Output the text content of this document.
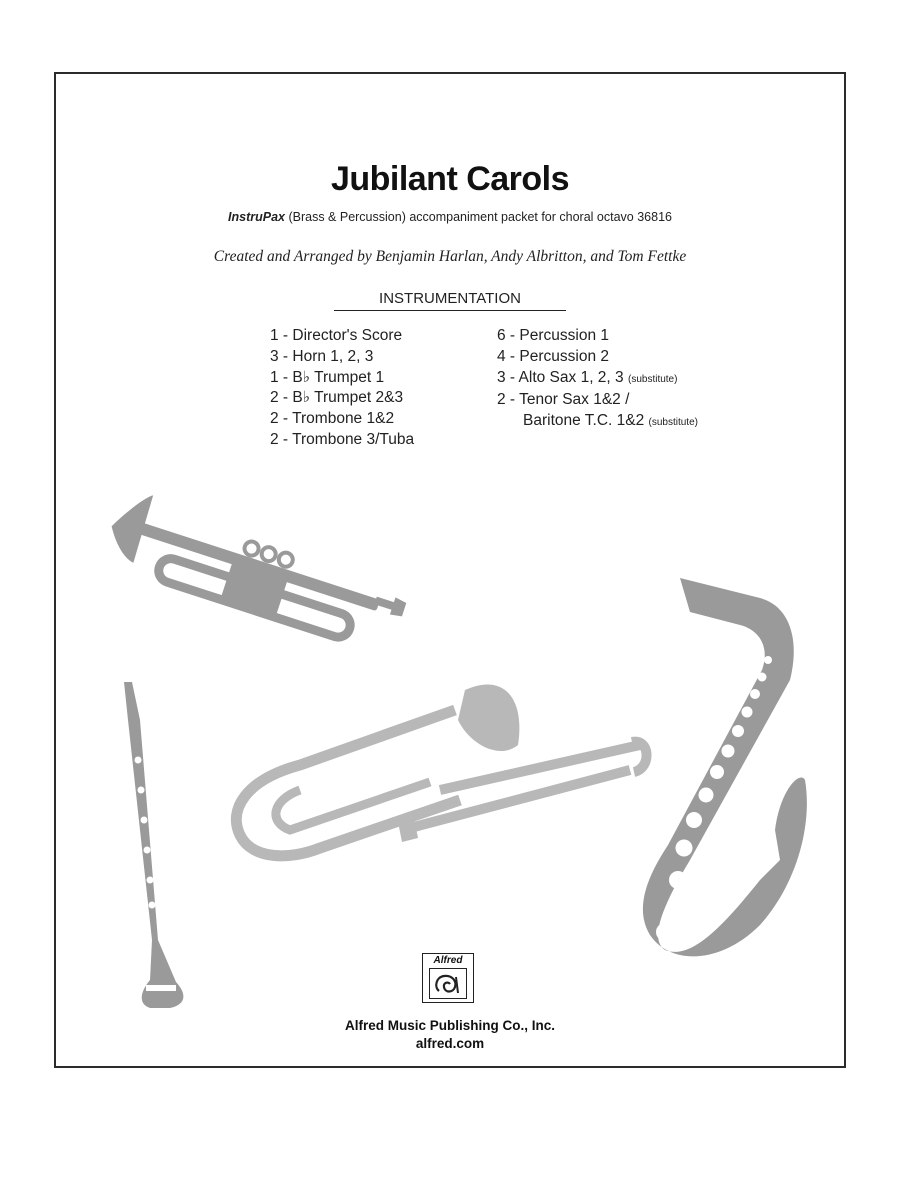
Jubilant Carols
InstruPax (Brass & Percussion) accompaniment packet for choral octavo 36816
Created and Arranged by Benjamin Harlan, Andy Albritton, and Tom Fettke
INSTRUMENTATION
1 - Director's Score
3 - Horn 1, 2, 3
1 - B♭ Trumpet 1
2 - B♭ Trumpet 2&3
2 - Trombone 1&2
2 - Trombone 3/Tuba
6 - Percussion 1
4 - Percussion 2
3 - Alto Sax 1, 2, 3 (substitute)
2 - Tenor Sax 1&2 /
Baritone T.C. 1&2 (substitute)
Alfred
Alfred Music Publishing Co., Inc.
alfred.com
